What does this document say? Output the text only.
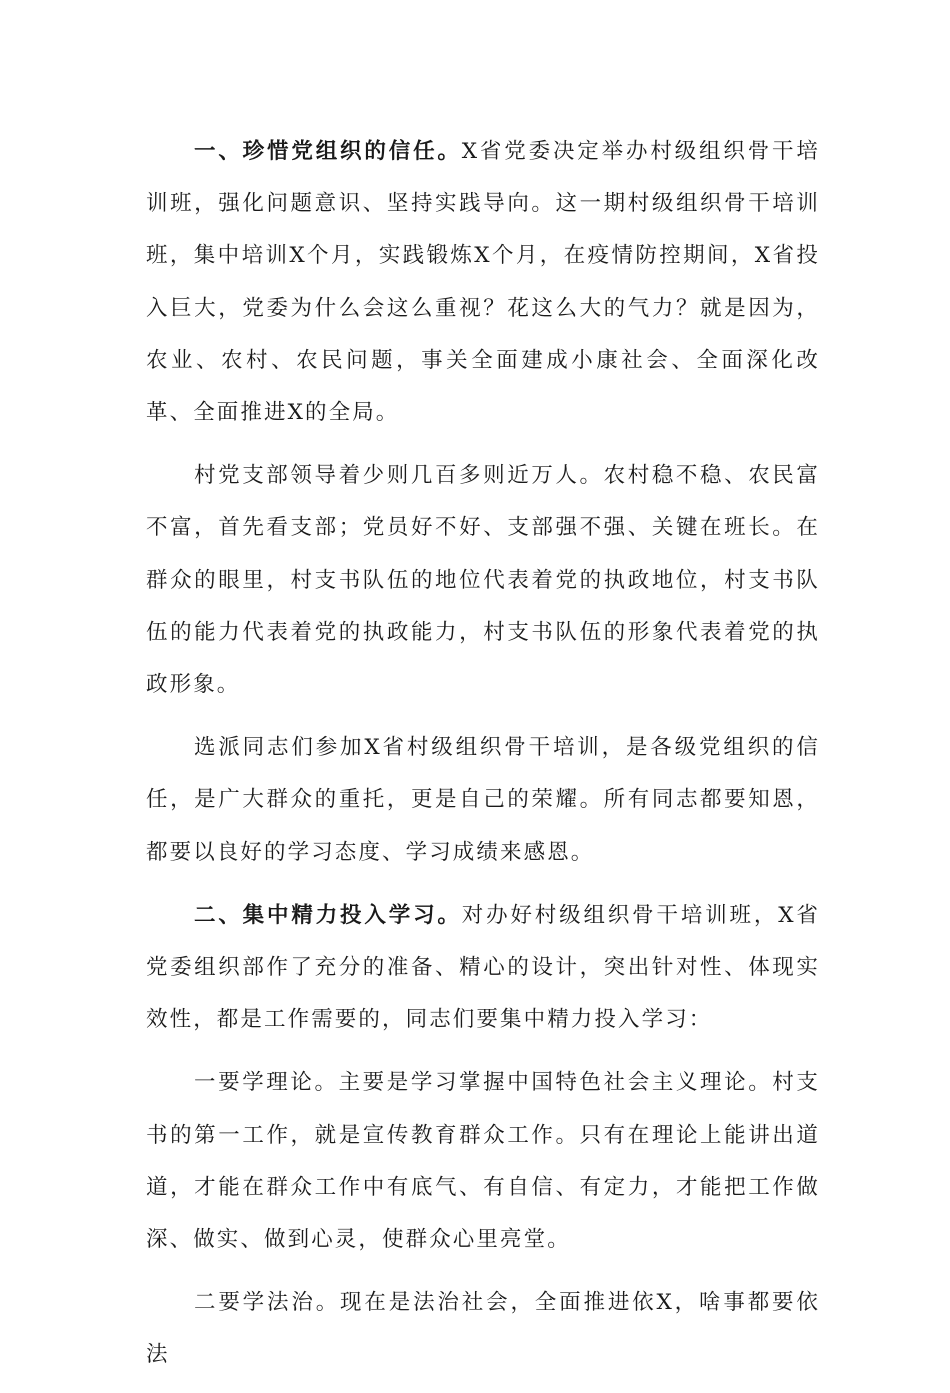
一、珍惜党组织的信任。X省党委决定举办村级组织骨干培训班，强化问题意识、坚持实践导向。这一期村级组织骨干培训班，集中培训X个月，实践锻炼X个月，在疫情防控期间，X省投入巨大，党委为什么会这么重视？花这么大的气力？就是因为，农业、农村、农民问题，事关全面建成小康社会、全面深化改革、全面推进X的全局。

村党支部领导着少则几百多则近万人。农村稳不稳、农民富不富，首先看支部；党员好不好、支部强不强、关键在班长。在群众的眼里，村支书队伍的地位代表着党的执政地位，村支书队伍的能力代表着党的执政能力，村支书队伍的形象代表着党的执政形象。

选派同志们参加X省村级组织骨干培训，是各级党组织的信任，是广大群众的重托，更是自己的荣耀。所有同志都要知恩，都要以良好的学习态度、学习成绩来感恩。

二、集中精力投入学习。对办好村级组织骨干培训班，X省党委组织部作了充分的准备、精心的设计，突出针对性、体现实效性，都是工作需要的，同志们要集中精力投入学习：

一要学理论。主要是学习掌握中国特色社会主义理论。村支书的第一工作，就是宣传教育群众工作。只有在理论上能讲出道道，才能在群众工作中有底气、有自信、有定力，才能把工作做深、做实、做到心灵，使群众心里亮堂。

二要学法治。现在是法治社会，全面推进依X，啥事都要依法
